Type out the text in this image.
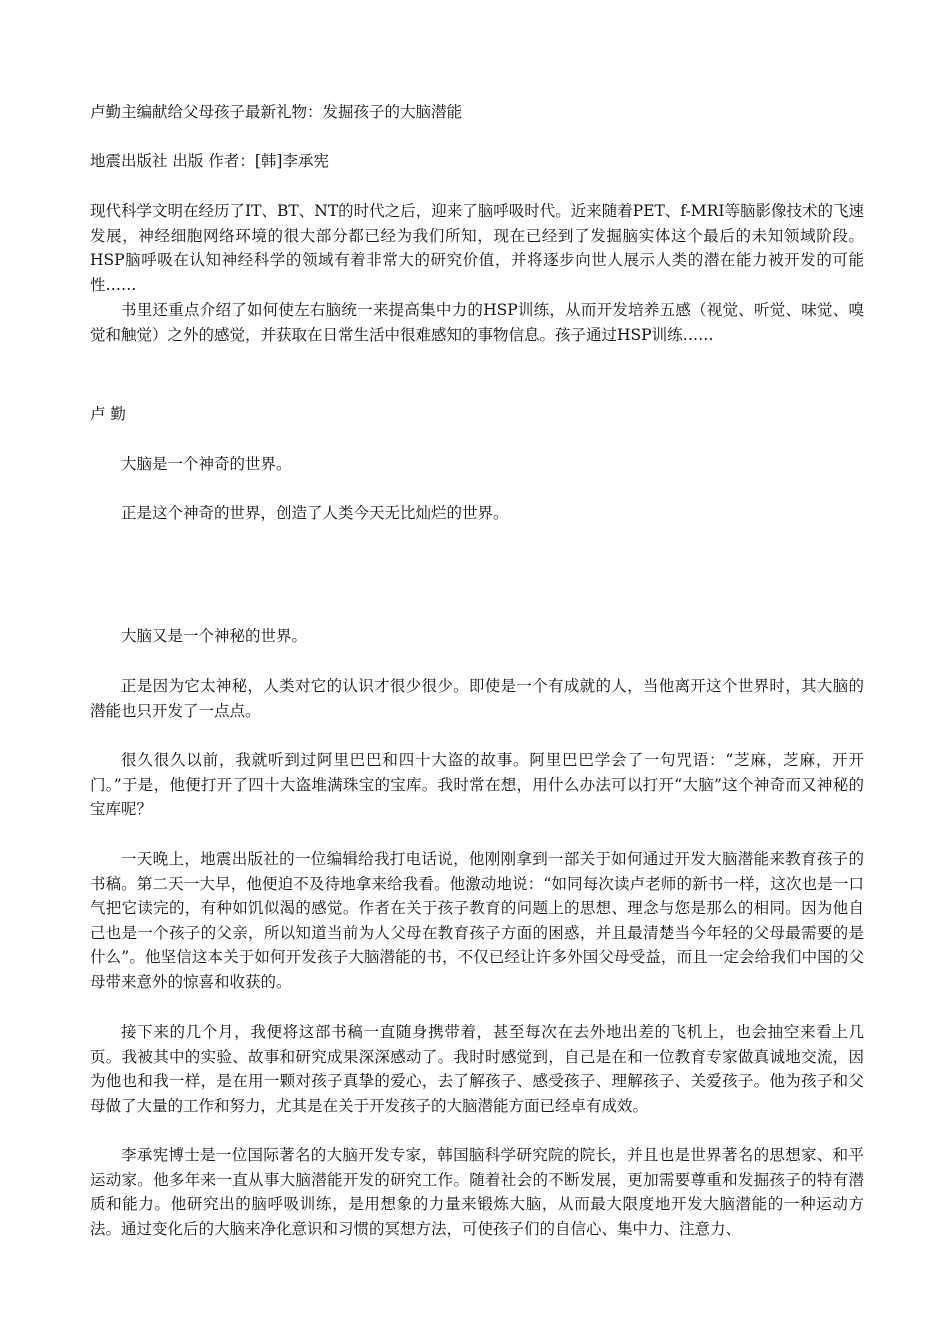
卢勤主编献给父母孩子最新礼物：发掘孩子的大脑潜能
地震出版社 出版 作者：[韩]李承宪
现代科学文明在经历了IT、BT、NT的时代之后，迎来了脑呼吸时代。近来随着PET、f-MRI等脑影像技术的飞速发展，神经细胞网络环境的很大部分都已经为我们所知，现在已经到了发掘脑实体这个最后的未知领域阶段。HSP脑呼吸在认知神经科学的领域有着非常大的研究价值，并将逐步向世人展示人类的潜在能力被开发的可能性……
书里还重点介绍了如何使左右脑统一来提高集中力的HSP训练，从而开发培养五感（视觉、听觉、味觉、嗅觉和触觉）之外的感觉，并获取在日常生活中很难感知的事物信息。孩子通过HSP训练……
卢 勤
大脑是一个神奇的世界。
正是这个神奇的世界，创造了人类今天无比灿烂的世界。
大脑又是一个神秘的世界。
正是因为它太神秘，人类对它的认识才很少很少。即使是一个有成就的人，当他离开这个世界时，其大脑的潜能也只开发了一点点。
很久很久以前，我就听到过阿里巴巴和四十大盗的故事。阿里巴巴学会了一句咒语：“芝麻，芝麻，开开门。”于是，他便打开了四十大盗堆满珠宝的宝库。我时常在想，用什么办法可以打开“大脑”这个神奇而又神秘的宝库呢？
一天晚上，地震出版社的一位编辑给我打电话说，他刚刚拿到一部关于如何通过开发大脑潜能来教育孩子的书稿。第二天一大早，他便迫不及待地拿来给我看。他激动地说：“如同每次读卢老师的新书一样，这次也是一口气把它读完的，有种如饥似渴的感觉。作者在关于孩子教育的问题上的思想、理念与您是那么的相同。因为他自己也是一个孩子的父亲，所以知道当前为人父母在教育孩子方面的困惑，并且最清楚当今年轻的父母最需要的是什么”。他坚信这本关于如何开发孩子大脑潜能的书，不仅已经让许多外国父母受益，而且一定会给我们中国的父母带来意外的惊喜和收获的。
接下来的几个月，我便将这部书稿一直随身携带着，甚至每次在去外地出差的飞机上，也会抽空来看上几页。我被其中的实验、故事和研究成果深深感动了。我时时感觉到，自己是在和一位教育专家做真诚地交流，因为他也和我一样，是在用一颗对孩子真挚的爱心，去了解孩子、感受孩子、理解孩子、关爱孩子。他为孩子和父母做了大量的工作和努力，尤其是在关于开发孩子的大脑潜能方面已经卓有成效。
李承宪博士是一位国际著名的大脑开发专家，韩国脑科学研究院的院长，并且也是世界著名的思想家、和平运动家。他多年来一直从事大脑潜能开发的研究工作。随着社会的不断发展，更加需要尊重和发掘孩子的特有潜质和能力。他研究出的脑呼吸训练，是用想象的力量来锻炼大脑，从而最大限度地开发大脑潜能的一种运动方法。通过变化后的大脑来净化意识和习惯的冥想方法，可使孩子们的自信心、集中力、注意力、
